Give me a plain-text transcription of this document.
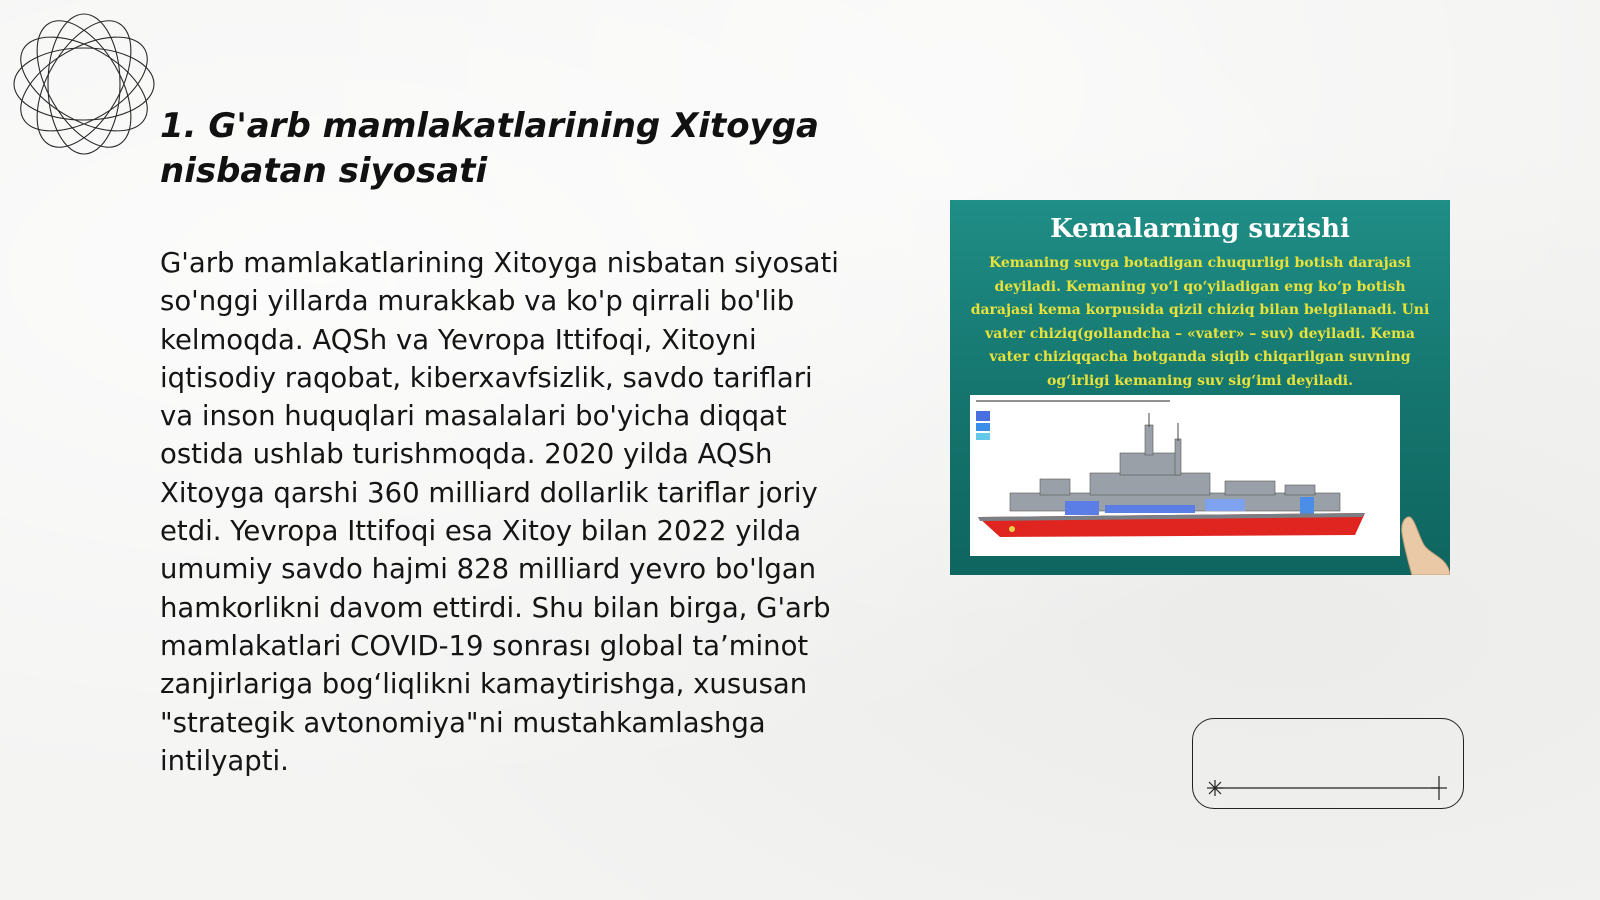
1. G'arb mamlakatlarining Xitoyga nisbatan siyosati

G'arb mamlakatlarining Xitoyga nisbatan siyosati so'nggi yillarda murakkab va ko'p qirrali bo'lib kelmoqda. AQSh va Yevropa Ittifoqi, Xitoyni iqtisodiy raqobat, kiberxavfsizlik, savdo tariflari va inson huquqlari masalalari bo'yicha diqqat ostida ushlab turishmoqda. 2020 yilda AQSh Xitoyga qarshi 360 milliard dollarlik tariflar joriy etdi. Yevropa Ittifoqi esa Xitoy bilan 2022 yilda umumiy savdo hajmi 828 milliard yevro bo'lgan hamkorlikni davom ettirdi. Shu bilan birga, G'arb mamlakatlari COVID-19 sonrası global ta’minot zanjirlariga bog‘liqlikni kamaytirishga, xususan "strategik avtonomiya"ni mustahkamlashga intilyapti.

Kemalarning suzishi
Kemaning suvga botadigan chuqurligi botish darajasi deyiladi. Kemaning yo‘l qo‘yiladigan eng ko‘p botish darajasi kema korpusida qizil chiziq bilan belgilanadi. Uni vater chiziq(gollandcha – «vater» – suv) deyiladi. Kema vater chiziqqacha botganda siqib chiqarilgan suvning og‘irligi kemaning suv sig‘imi deyiladi.
